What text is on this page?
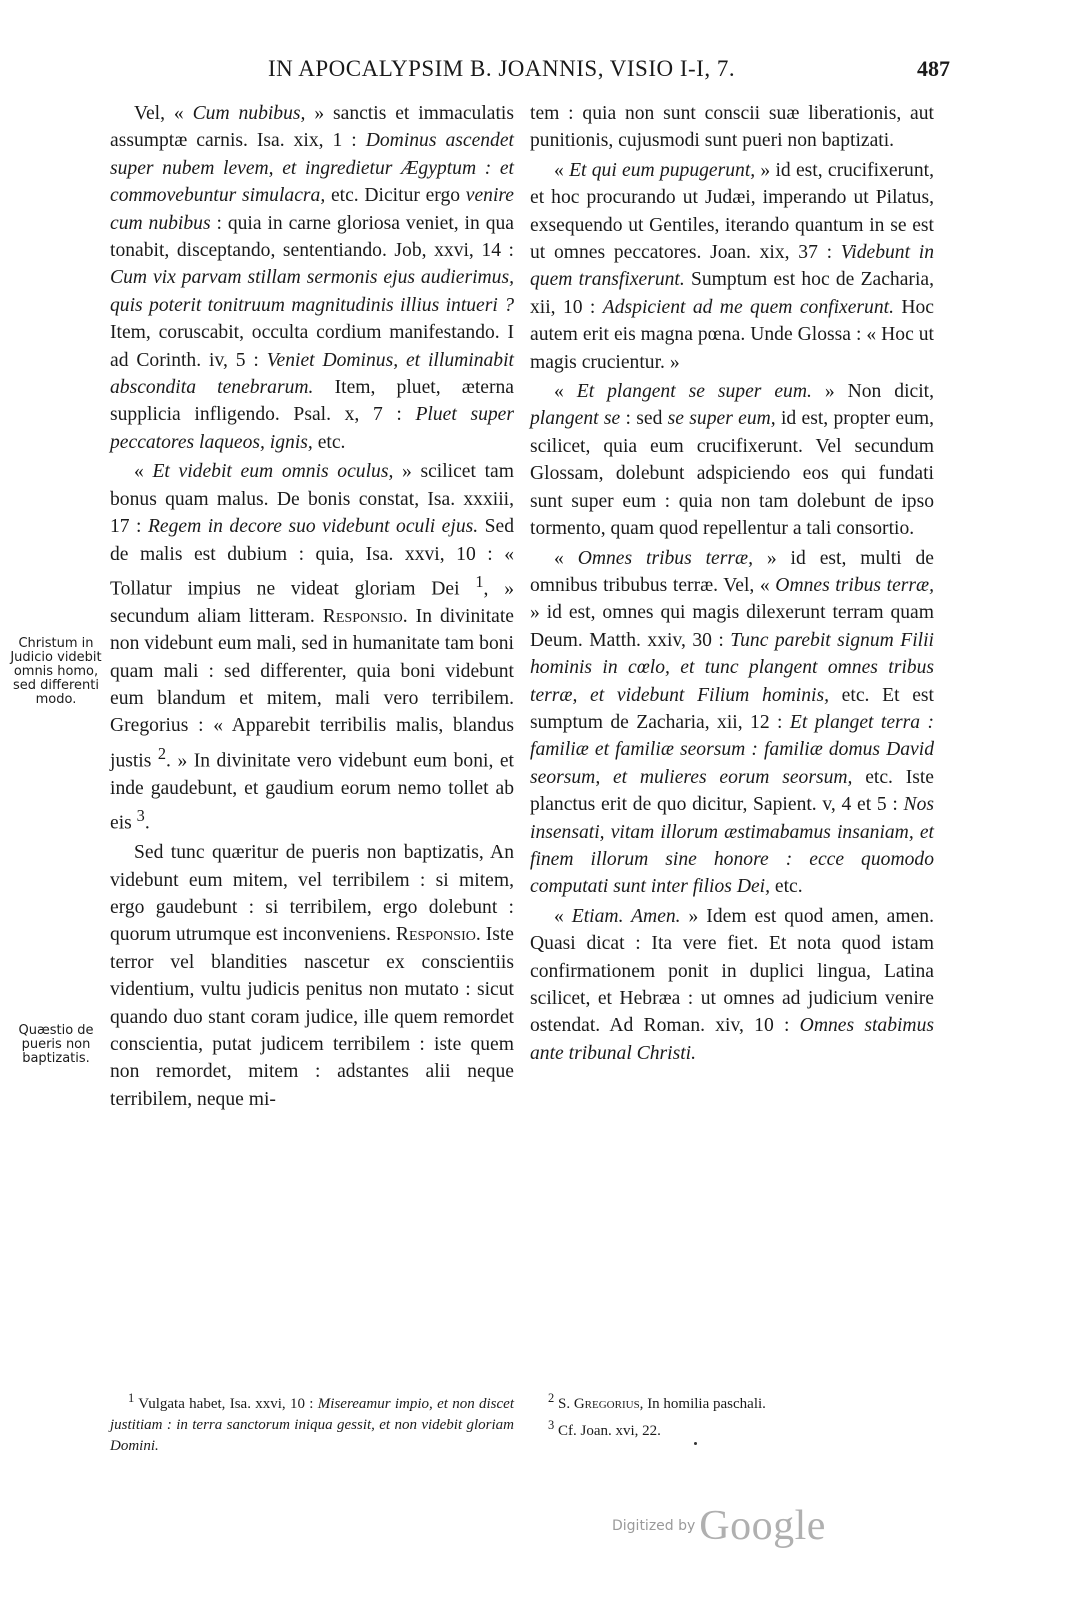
IN APOCALYPSIM B. JOANNIS, VISIO I-I, 7.	487
Christum in Judicio videbit omnis homo, sed differenti modo.
Quæstio de pueris non baptizatis.

Vel, « Cum nubibus, » sanctis et immaculatis assumptæ carnis. Isa. xix, 1 : Dominus ascendet super nubem levem, et ingredietur Ægyptum : et commovebuntur simulacra, etc. Dicitur ergo venire cum nubibus : quia in carne gloriosa veniet, in qua tonabit, disceptando, sententiando. Job, xxvi, 14 : Cum vix parvam stillam sermonis ejus audierimus, quis poterit tonitruum magnitudinis illius intueri ? Item, coruscabit, occulta cordium manifestando. I ad Corinth. iv, 5 : Veniet Dominus, et illuminabit abscondita tenebrarum. Item, pluet, æterna supplicia infligendo. Psal. x, 7 : Pluet super peccatores laqueos, ignis, etc.

« Et videbit eum omnis oculus, » scilicet tam bonus quam malus. De bonis constat, Isa. xxxiii, 17 : Regem in decore suo videbunt oculi ejus. Sed de malis est dubium : quia, Isa. xxvi, 10 : « Tollatur impius ne videat gloriam Dei $^1$, » secundum aliam litteram. Responsio. In divinitate non videbunt eum mali, sed in humanitate tam boni quam mali : sed differenter, quia boni videbunt eum blandum et mitem, mali vero terribilem. Gregorius : « Apparebit terribilis malis, blandus justis $^2$. » In divinitate vero videbunt eum boni, et inde gaudebunt, et gaudium eorum nemo tollet ab eis $^3$.

Sed tunc quæritur de pueris non baptizatis, An videbunt eum mitem, vel terribilem : si mitem, ergo gaudebunt : si terribilem, ergo dolebunt : quorum utrumque est inconveniens. Responsio. Iste terror vel blandities nascetur ex conscientiis videntium, vultu judicis penitus non mutato : sicut quando duo stant coram judice, ille quem remordet conscientia, putat judicem terribilem : iste quem non remordet, mitem : adstantes alii neque terribilem, neque mi-

tem : quia non sunt conscii suæ liberationis, aut punitionis, cujusmodi sunt pueri non baptizati.

« Et qui eum pupugerunt, » id est, crucifixerunt, et hoc procurando ut Judæi, imperando ut Pilatus, exsequendo ut Gentiles, iterando quantum in se est ut omnes peccatores. Joan. xix, 37 : Videbunt in quem transfixerunt. Sumptum est hoc de Zacharia, xii, 10 : Adspicient ad me quem confixerunt. Hoc autem erit eis magna pœna. Unde Glossa : « Hoc ut magis crucientur. »

« Et plangent se super eum. » Non dicit, plangent se : sed se super eum, id est, propter eum, scilicet, quia eum crucifixerunt. Vel secundum Glossam, dolebunt adspiciendo eos qui fundati sunt super eum : quia non tam dolebunt de ipso tormento, quam quod repellentur a tali consortio.

« Omnes tribus terræ, » id est, multi de omnibus tribubus terræ. Vel, « Omnes tribus terræ, » id est, omnes qui magis dilexerunt terram quam Deum. Matth. xxiv, 30 : Tunc parebit signum Filii hominis in cœlo, et tunc plangent omnes tribus terræ, et videbunt Filium hominis, etc. Et est sumptum de Zacharia, xii, 12 : Et planget terra : familiæ et familiæ seorsum : familiæ domus David seorsum, et mulieres eorum seorsum, etc. Iste planctus erit de quo dicitur, Sapient. v, 4 et 5 : Nos insensati, vitam illorum æstimabamus insaniam, et finem illorum sine honore : ecce quomodo computati sunt inter filios Dei, etc.

« Etiam. Amen. » Idem est quod amen, amen. Quasi dicat : Ita vere fiet. Et nota quod istam confirmationem ponit in duplici lingua, Latina scilicet, et Hebræa : ut omnes ad judicium venire ostendat. Ad Roman. xiv, 10 : Omnes stabimus ante tribunal Christi.

$^1$ Vulgata habet, Isa. xxvi, 10 : Misereamur impio, et non discet justitiam : in terra sanctorum iniqua gessit, et non videbit gloriam Domini.

$^2$ S. Gregorius, In homilia paschali.

$^3$ Cf. Joan. xvi, 22.

Digitized by Google
